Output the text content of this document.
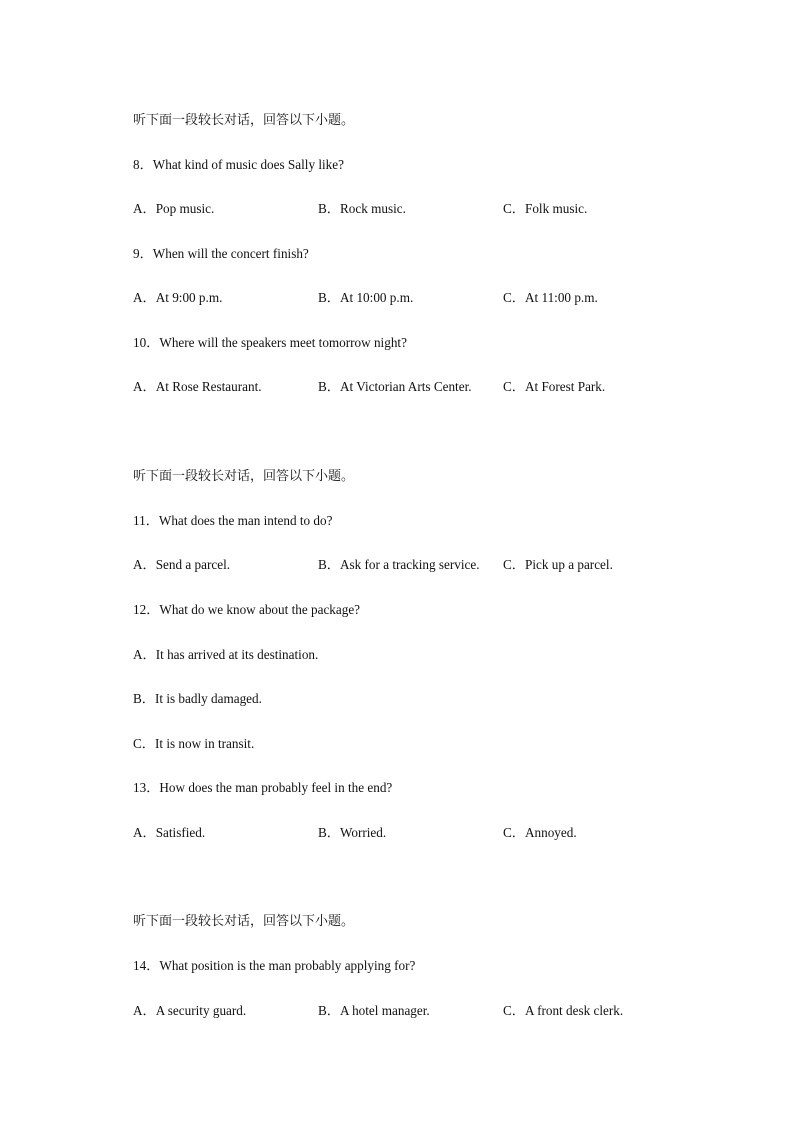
听下面一段较长对话，回答以下小题。
8．What kind of music does Sally like?
A．Pop music.	B．Rock music.	C．Folk music.
9．When will the concert finish?
A．At 9:00 p.m.	B．At 10:00 p.m.	C．At 11:00 p.m.
10．Where will the speakers meet tomorrow night?
A．At Rose Restaurant.	B．At Victorian Arts Center. C．At Forest Park.
听下面一段较长对话，回答以下小题。
11．What does the man intend to do?
A．Send a parcel.	B．Ask for a tracking service. C．Pick up a parcel.
12．What do we know about the package?
A．It has arrived at its destination.
B．It is badly damaged.
C．It is now in transit.
13．How does the man probably feel in the end?
A．Satisfied.	B．Worried.	C．Annoyed.
听下面一段较长对话，回答以下小题。
14．What position is the man probably applying for?
A．A security guard.	B．A hotel manager.	C．A front desk clerk.
